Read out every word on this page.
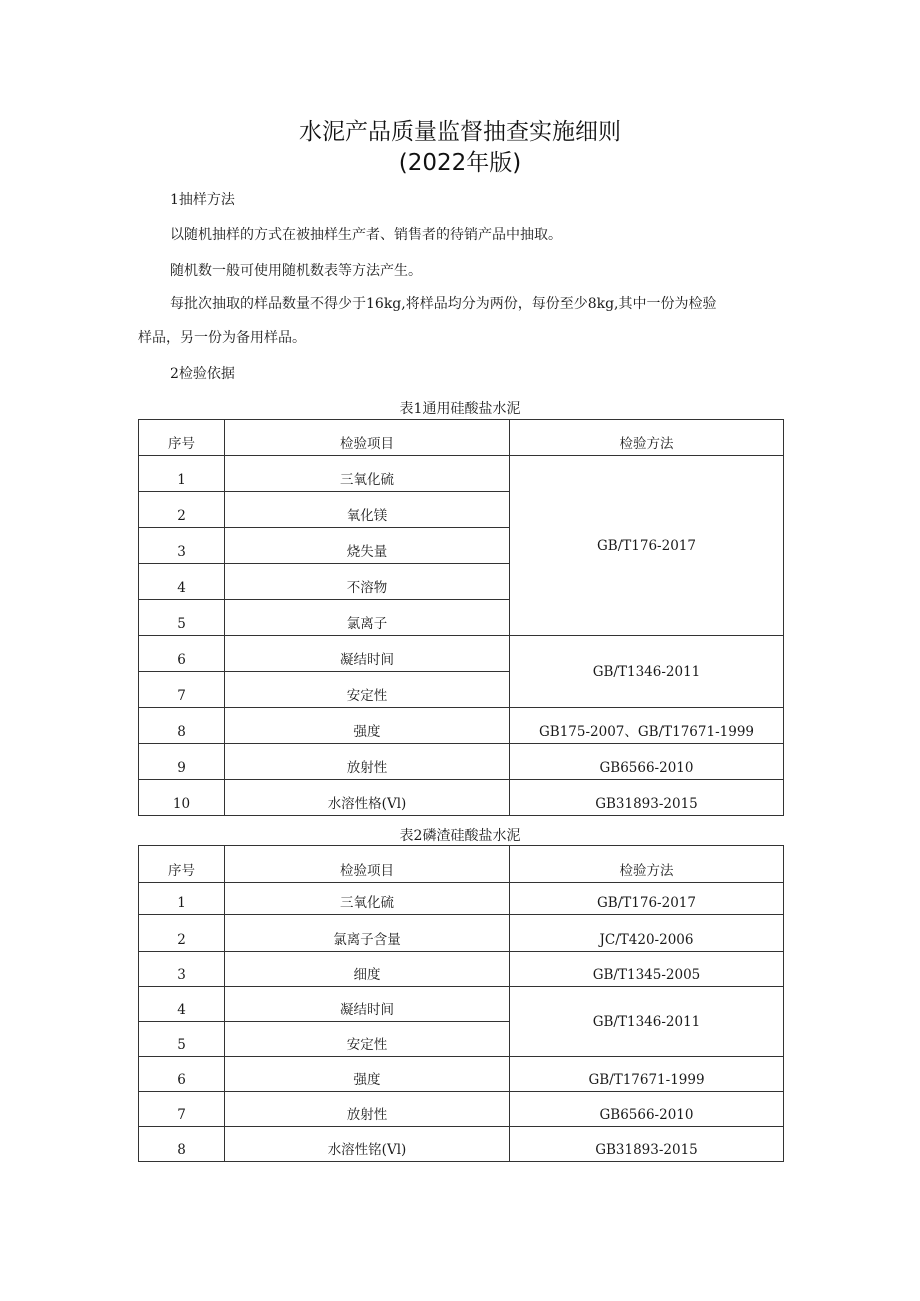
水泥产品质量监督抽查实施细则
(2022年版)
1抽样方法
以随机抽样的方式在被抽样生产者、销售者的待销产品中抽取。
随机数一般可使用随机数表等方法产生。
每批次抽取的样品数量不得少于16kg,将样品均分为两份，每份至少8kg,其中一份为检验
样品，另一份为备用样品。
2检验依据
表1通用硅酸盐水泥
序号	检验项目	检验方法
1	三氧化硫	GB/T176-2017
2	氧化镁	
3	烧失量	
4	不溶物	
5	氯离子	
6	凝结时间	GB/T1346-2011
7	安定性	
8	强度	GB175-2007、GB/T17671-1999
9	放射性	GB6566-2010
10	水溶性格(Vl)	GB31893-2015
表2磷渣硅酸盐水泥
序号	检验项目	检验方法
1	三氧化硫	GB/T176-2017
2	氯离子含量	JC/T420-2006
3	细度	GB/T1345-2005
4	凝结时间	GB/T1346-2011
5	安定性	
6	强度	GB/T17671-1999
7	放射性	GB6566-2010
8	水溶性铭(Vl)	GB31893-2015
